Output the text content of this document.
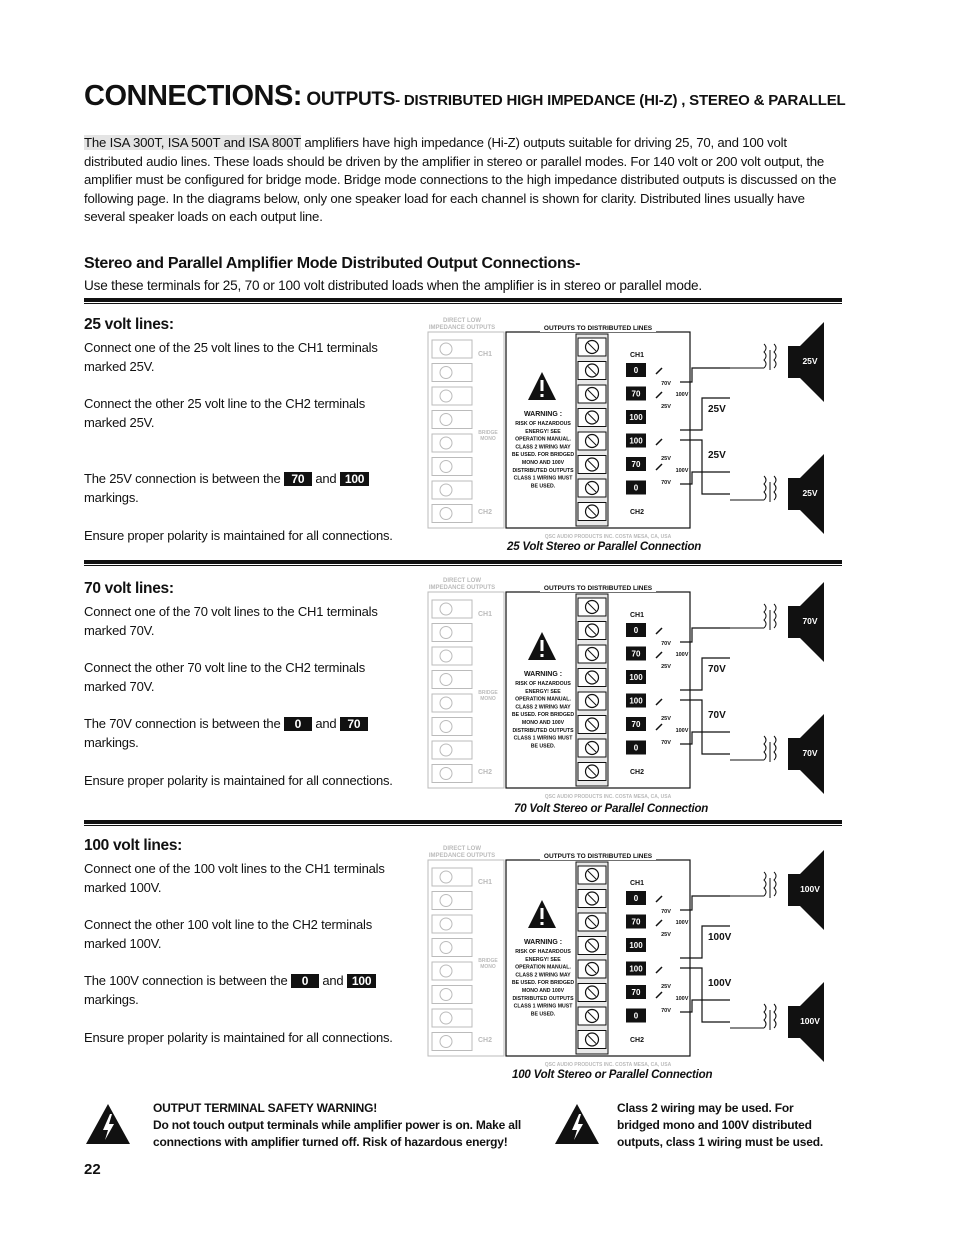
CONNECTIONS: OUTPUTS- DISTRIBUTED HIGH IMPEDANCE (HI-Z) , STEREO & PARALLEL
The ISA 300T, ISA 500T and ISA 800T amplifiers have high impedance (Hi-Z) outputs suitable for driving 25, 70, and 100 volt distributed audio lines. These loads should be driven by the amplifier in stereo or parallel modes. For 140 volt or 200 volt output, the amplifier must be configured for bridge mode. Bridge mode connections to the high impedance distributed outputs is discussed on the following page. In the diagrams below, only one speaker load for each channel is shown for clarity. Distributed lines usually have several speaker loads on each output line.
Stereo and Parallel Amplifier Mode Distributed Output Connections-
Use these terminals for 25, 70 or 100 volt distributed loads when the amplifier is in stereo or parallel mode.
25 volt lines:

Connect one of the 25 volt lines to the CH1 terminals marked 25V.

Connect the other 25 volt line to the CH2 terminals marked 25V.

The 25V connection is between the 70 and 100 markings.

Ensure proper polarity is maintained for all connections.

70 volt lines:

Connect one of the 70 volt lines to the CH1 terminals marked 70V.

Connect the other 70 volt line to the CH2 terminals marked 70V.

The 70V connection is between the 0 and 70 markings.

Ensure proper polarity is maintained for all connections.

100 volt lines:

Connect one of the 100 volt lines to the CH1 terminals marked 100V.

Connect the other 100 volt line to the CH2 terminals marked 100V.

The 100V connection is between the 0 and 100 markings.

Ensure proper polarity is maintained for all connections.

DIRECT LOW
IMPEDANCE OUTPUTS
CH1
CH2
BRIDGE
MONO
OUTPUTS TO DISTRIBUTED LINES
WARNING :
RISK OF HAZARDOUS
ENERGY! SEE
OPERATION MANUAL.
CLASS 2 WIRING MAY
BE USED. FOR BRIDGED
MONO AND 100V
DISTRIBUTED OUTPUTS
CLASS 1 WIRING MUST
BE USED.
0
70
100
100
70
0
CH1
CH2
70V
25V
100V
25V
100V
70V
25V
25V
25V
25V
QSC AUDIO PRODUCTS INC. COSTA MESA, CA, USA
DIRECT LOW
IMPEDANCE OUTPUTS
CH1
CH2
BRIDGE
MONO
OUTPUTS TO DISTRIBUTED LINES
WARNING :
RISK OF HAZARDOUS
ENERGY! SEE
OPERATION MANUAL.
CLASS 2 WIRING MAY
BE USED. FOR BRIDGED
MONO AND 100V
DISTRIBUTED OUTPUTS
CLASS 1 WIRING MUST
BE USED.
0
70
100
100
70
0
CH1
CH2
70V
25V
100V
25V
100V
70V
70V
70V
70V
70V
QSC AUDIO PRODUCTS INC. COSTA MESA, CA, USA
DIRECT LOW
IMPEDANCE OUTPUTS
CH1
CH2
BRIDGE
MONO
OUTPUTS TO DISTRIBUTED LINES
WARNING :
RISK OF HAZARDOUS
ENERGY! SEE
OPERATION MANUAL.
CLASS 2 WIRING MAY
BE USED. FOR BRIDGED
MONO AND 100V
DISTRIBUTED OUTPUTS
CLASS 1 WIRING MUST
BE USED.
0
70
100
100
70
0
CH1
CH2
70V
25V
100V
25V
100V
70V
100V
100V
100V
100V
QSC AUDIO PRODUCTS INC. COSTA MESA, CA, USA
25 Volt Stereo or Parallel Connection
70 Volt Stereo or Parallel Connection
100 Volt Stereo or Parallel Connection
OUTPUT TERMINAL SAFETY WARNING!
Do not touch output terminals while amplifier power is on. Make all connections with amplifier turned off. Risk of hazardous energy!
Class 2 wiring may be used. For bridged mono and 100V distributed outputs, class 1 wiring must be used.
22
